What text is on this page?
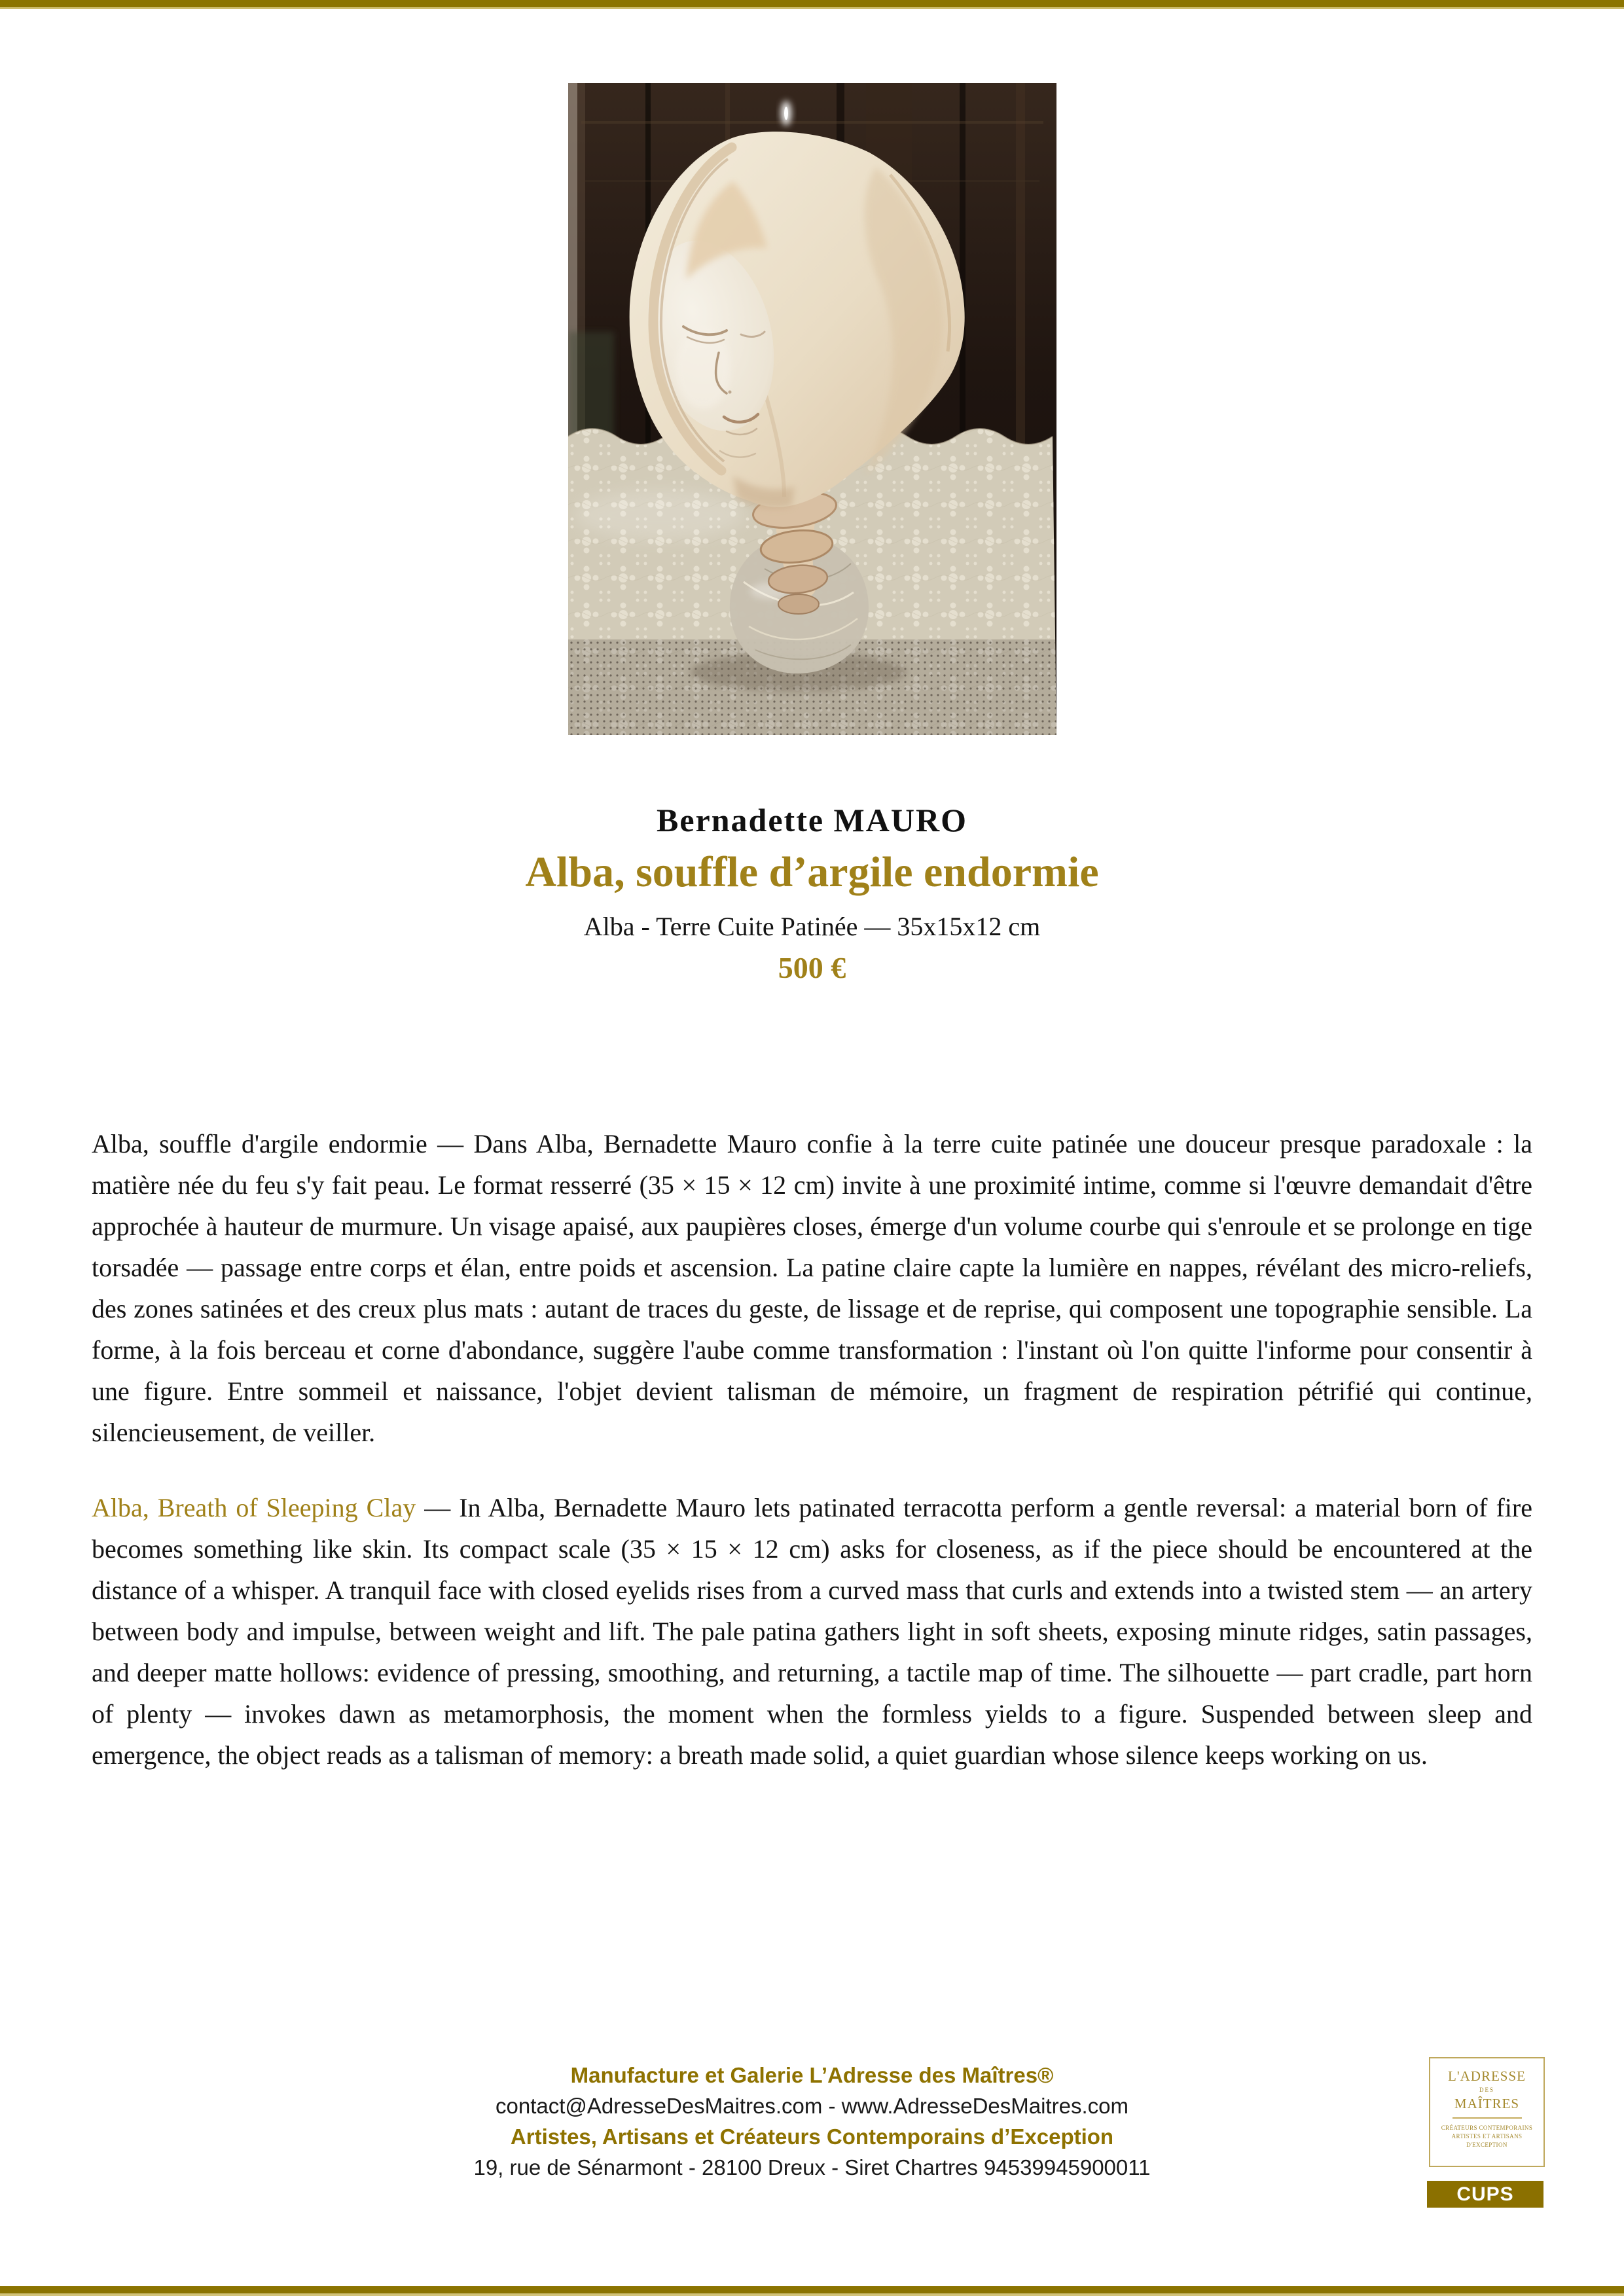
Bernadette MAURO
Alba, souffle d’argile endormie
Alba - Terre Cuite Patinée — 35x15x12 cm
500 €

Alba, souffle d'argile endormie — Dans Alba, Bernadette Mauro confie à la terre cuite patinée une douceur presque paradoxale : la matière née du feu s'y fait peau. Le format resserré (35 × 15 × 12 cm) invite à une proximité intime, comme si l'œuvre demandait d'être approchée à hauteur de murmure. Un visage apaisé, aux paupières closes, émerge d'un volume courbe qui s'enroule et se prolonge en tige torsadée — passage entre corps et élan, entre poids et ascension. La patine claire capte la lumière en nappes, révélant des micro-reliefs, des zones satinées et des creux plus mats : autant de traces du geste, de lissage et de reprise, qui composent une topographie sensible. La forme, à la fois berceau et corne d'abondance, suggère l'aube comme transformation : l'instant où l'on quitte l'informe pour consentir à une figure. Entre sommeil et naissance, l'objet devient talisman de mémoire, un fragment de respiration pétrifié qui continue, silencieusement, de veiller.

Alba, Breath of Sleeping Clay — In Alba, Bernadette Mauro lets patinated terracotta perform a gentle reversal: a material born of fire becomes something like skin. Its compact scale (35 × 15 × 12 cm) asks for closeness, as if the piece should be encountered at the distance of a whisper. A tranquil face with closed eyelids rises from a curved mass that curls and extends into a twisted stem — an artery between body and impulse, between weight and lift. The pale patina gathers light in soft sheets, exposing minute ridges, satin passages, and deeper matte hollows: evidence of pressing, smoothing, and returning, a tactile map of time. The silhouette — part cradle, part horn of plenty — invokes dawn as metamorphosis, the moment when the formless yields to a figure. Suspended between sleep and emergence, the object reads as a talisman of memory: a breath made solid, a quiet guardian whose silence keeps working on us.

Manufacture et Galerie L’Adresse des Maîtres®
contact@AdresseDesMaitres.com - www.AdresseDesMaitres.com
Artistes, Artisans et Créateurs Contemporains d’Exception
19, rue de Sénarmont - 28100 Dreux - Siret Chartres 94539945900011
L'ADRESSE
DES
MAÎTRES
CRÉATEURS CONTEMPORAINS
ARTISTES ET ARTISANS
D'EXCEPTION
CUPS
